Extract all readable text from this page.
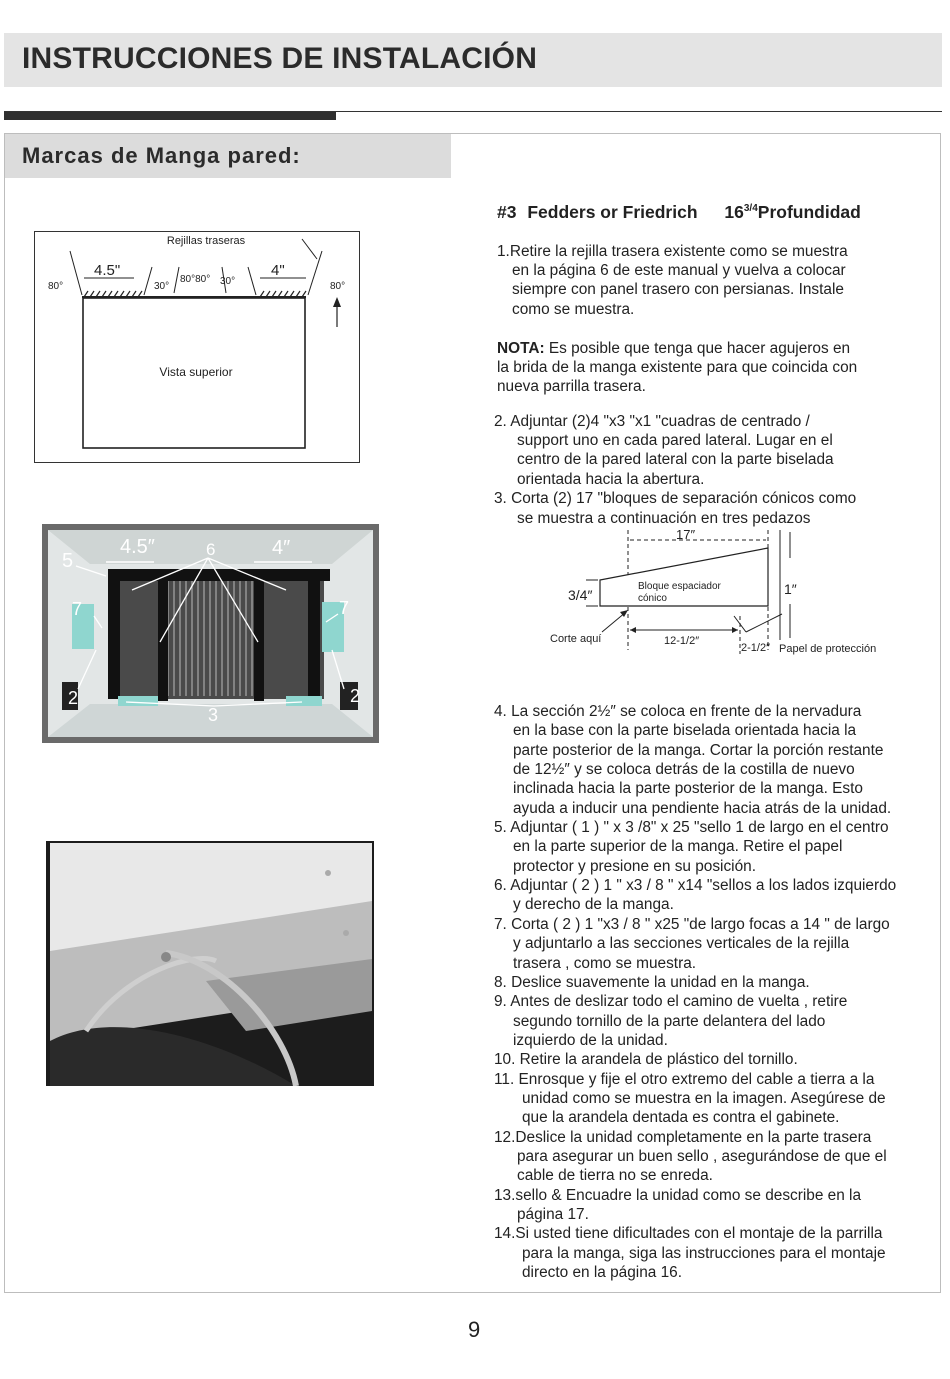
INSTRUCCIONES DE INSTALACIÓN
Marcas de Manga pared:
Rejillas traseras
Vista superior
4.5"	4"
80°	30°
80°80° 30°	80°
4.5″	4″
5
6
7	7
2	2
3
#3 Fedders or Friedrich $16^{3/4}Profundidad$
1.Retire la rejilla trasera existente como se muestra
en la página 6 de este manual y vuelva a colocar
siempre con panel trasero con persianas. Instale
como se muestra.
NOTA: Es posible que tenga que hacer agujeros en
la brida de la manga existente para que coincida con
nueva parrilla trasera.
2. Adjuntar (2)4 "x3 "x1 "cuadras de centrado /
support uno en cada pared lateral. Lugar en el
centro de la pared lateral con la parte biselada
orientada hacia la abertura.
3. Corta (2) 17 "bloques de separación cónicos como
se muestra a continuación en tres pedazos
17″
1″
3/4″
Bloque espaciador
cónico
Corte aquí	12-1/2″
2-1/2″ Papel de protección
4. La sección 2½″ se coloca en frente de la nervadura
en la base con la parte biselada orientada hacia la
parte posterior de la manga. Cortar la porción restante
de 12½″ y se coloca detrás de la costilla de nuevo
inclinada hacia la parte posterior de la manga. Esto
ayuda a inducir una pendiente hacia atrás de la unidad.
5. Adjuntar ( 1 ) " x 3 /8" x 25 "sello 1 de largo en el centro
en la parte superior de la manga. Retire el papel
protector y presione en su posición.
6. Adjuntar ( 2 ) 1 " x3 / 8 " x14 "sellos a los lados izquierdo
y derecho de la manga.
7. Corta ( 2 ) 1 "x3 / 8 " x25 "de largo focas a 14 " de largo
y adjuntarlo a las secciones verticales de la rejilla
trasera , como se muestra.
8. Deslice suavemente la unidad en la manga.
9. Antes de deslizar todo el camino de vuelta , retire
segundo tornillo de la parte delantera del lado
izquierdo de la unidad.
10. Retire la arandela de plástico del tornillo.
11. Enrosque y fije el otro extremo del cable a tierra a la
unidad como se muestra en la imagen. Asegúrese de
que la arandela dentada es contra el gabinete.
12.Deslice la unidad completamente en la parte trasera
para asegurar un buen sello , asegurándose de que el
cable de tierra no se enreda.
13.sello & Encuadre la unidad como se describe en la
página 17.
14.Si usted tiene dificultades con el montaje de la parrilla
para la manga, siga las instrucciones para el montaje
directo en la página 16.
9
